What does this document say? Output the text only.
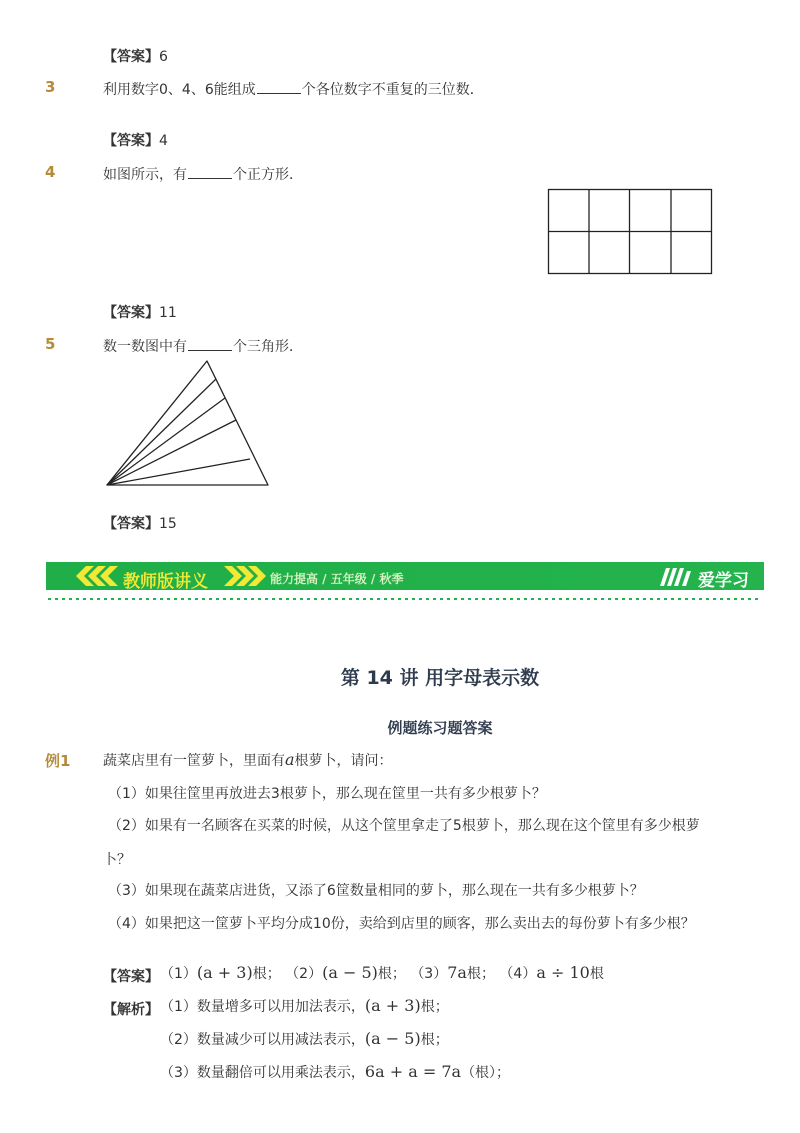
【答案】6
3	利用数字0、4、6能组成	个各位数字不重复的三位数．
【答案】4
4	如图所示，有	个正方形．
【答案】11
5	数一数图中有	个三角形．
【答案】15
教师版讲义	能力提高 / 五年级 / 秋季	爱学习
第 14 讲 用字母表示数
例题练习题答案
例1 蔬菜店里有一筐萝卜，里面有a根萝卜，请问：
（1）如果往筐里再放进去3根萝卜，那么现在筐里一共有多少根萝卜？
（2）如果有一名顾客在买菜的时候，从这个筐里拿走了5根萝卜，那么现在这个筐里有多少根萝
卜？
（3）如果现在蔬菜店进货，又添了6筐数量相同的萝卜，那么现在一共有多少根萝卜？
（4）如果把这一筐萝卜平均分成10份，卖给到店里的顾客，那么卖出去的每份萝卜有多少根？
【答案】 （1）(a + 3)根； （2）(a − 5)根； （3）7a根； （4）a ÷ 10根
【解析】 （1）数量增多可以用加法表示，(a + 3)根；
（2）数量减少可以用减法表示，(a − 5)根；
（3）数量翻倍可以用乘法表示，6a + a = 7a（根）；
